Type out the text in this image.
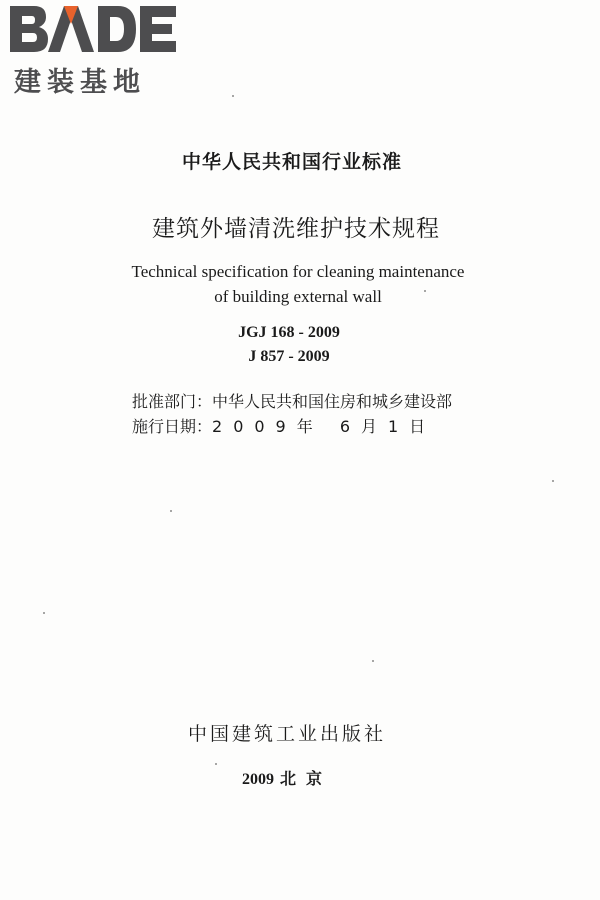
建装基地
中华人民共和国行业标准
建筑外墙清洗维护技术规程
Technical specification for cleaning maintenance
of building external wall
JGJ 168 - 2009
J 857 - 2009
批准部门：中华人民共和国住房和城乡建设部
施行日期：2009年 6月1日
中国建筑工业出版社
2009 北京
